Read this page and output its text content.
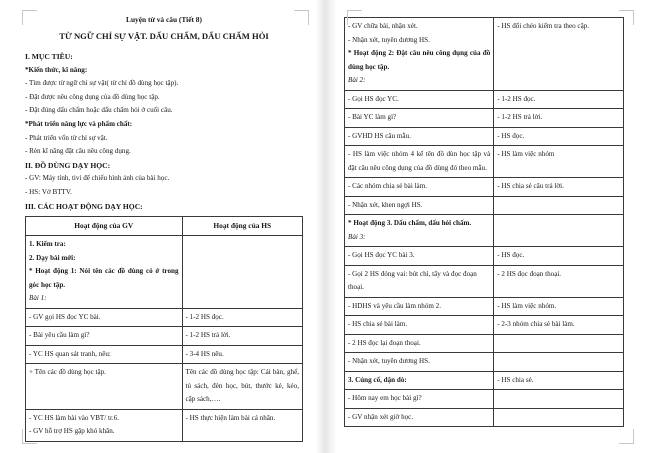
Luyện từ và câu (Tiết 8)
TỪ NGỮ CHỈ SỰ VẬT. DẤU CHẤM, DẤU CHẤM HỎI
I. MỤC TIÊU:
*Kiến thức, kĩ năng:
- Tìm được từ ngữ chỉ sự vật( từ chỉ đồ dùng học tập).
- Đặt được nêu công dụng của đồ dùng học tập.
- Đặt đúng dấu chấm hoặc dấu chấm hỏi ở cuối câu.
*Phát triển năng lực và phẩm chất:
- Phát triển vốn từ chỉ sự vật.
- Rèn kĩ năng đặt câu nêu công dụng.
II. ĐỒ DÙNG DẠY HỌC:
- GV: Máy tính, tivi để chiếu hình ảnh của bài học.
- HS: Vở BTTV.
III. CÁC HOẠT ĐỘNG DẠY HỌC:
Hoạt động của GV	Hoạt động của HS

1. Kiểm tra:

2. Dạy bài mới:

* Hoạt động 1: Nói tên các đồ dùng có ở trong góc học tập.

Bài 1:	

- GV gọi HS đọc YC bài.	- 1-2 HS đọc.

- Bài yêu cầu làm gì?	- 1-2 HS trả lời.

- YC HS quan sát tranh, nêu:	- 3-4 HS nêu.

+ Tên các đồ dùng học tập.	Tên các đồ dùng học tập: Cái bàn, ghế, tủ sách, đèn học, bút, thước kẻ, kéo, cặp sách,….

- YC HS làm bài vào VBT/ tr.6.

- GV hỗ trợ HS gặp khó khăn.	- HS thực hiện làm bài cá nhân.

- GV chữa bài, nhận xét.

- Nhận xét, tuyên dương HS.

* Hoạt động 2: Đặt câu nêu công dụng của đồ dùng học tập.

Bài 2:	- HS đổi chéo kiểm tra theo cặp.

- Gọi HS đọc YC.	- 1-2 HS đọc.

- Bài YC làm gì?	- 1-2 HS trả lời.

- GVHD HS câu mẫu.	- HS đọc.

- HS làm việc nhóm 4 kể tên đồ dùn học tập và đặt câu nêu công dụng của đồ dùng đó theo mẫu.	- HS làm việc nhóm

- Các nhóm chia sẻ bài làm.	- HS chia sẻ câu trả lời.

- Nhận xét, khen ngợi HS.	

* Hoạt động 3. Dấu chấm, dấu hỏi chấm.

Bài 3:	

- Gọi HS đọc YC bài 3.	- HS đọc.

- Gọi 2 HS đóng vai: bút chì, tẩy và đọc đoạn thoại.	- 2 HS đọc đoạn thoại.

- HDHS và yêu cầu làm nhóm 2.	- HS làm việc nhóm.

- HS chia sẻ bài làm.	- 2-3 nhóm chia sẻ bài làm.

- 2 HS đọc lại đoạn thoại.	

- Nhận xét, tuyên dương HS.	

3. Củng cố, dặn dò:	- HS chia sẻ.

- Hôm nay em học bài gì?	

- GV nhận xét giờ học.	
